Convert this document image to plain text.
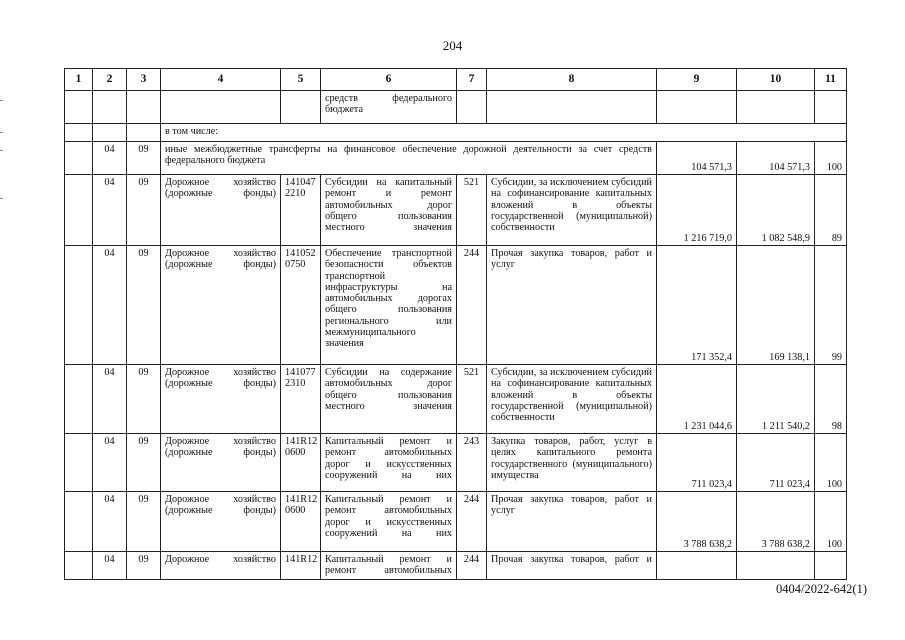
204
1	2	3	4	5	6	7	8	9	10	11
					средств федерального бюджета					
			в том числе:							
	04	09	иные межбюджетные трансферты на финансовое обеспечение дорожной деятельности за счет средств федерального бюджета					104 571,3	104 571,3	100
	04	09	Дорожное хозяйство (дорожные фонды)	141047 2210	Субсидии на капитальный ремонт и ремонт автомобильных дорог общего пользования местного значения	521	Субсидии, за исключением субсидий на софинансирование капитальных вложений в объекты государственной (муниципальной) собственности	1 216 719,0	1 082 548,9	89
	04	09	Дорожное хозяйство (дорожные фонды)	141052 0750	Обеспечение транспортной безопасности объектов транспортной инфраструктуры на автомобильных дорогах общего пользования регионального или межмуниципального значения	244	Прочая закупка товаров, работ и услуг	171 352,4	169 138,1	99
	04	09	Дорожное хозяйство (дорожные фонды)	141077 2310	Субсидии на содержание автомобильных дорог общего пользования местного значения	521	Субсидии, за исключением субсидий на софинансирование капитальных вложений в объекты государственной (муниципальной) собственности	1 231 044,6	1 211 540,2	98
	04	09	Дорожное хозяйство (дорожные фонды)	141R12 0600	Капитальный ремонт и ремонт автомобильных дорог и искусственных сооружений на них	243	Закупка товаров, работ, услуг в целях капитального ремонта государственного (муниципального) имущества	711 023,4	711 023,4	100
	04	09	Дорожное хозяйство (дорожные фонды)	141R12 0600	Капитальный ремонт и ремонт автомобильных дорог и искусственных сооружений на них	244	Прочая закупка товаров, работ и услуг	3 788 638,2	3 788 638,2	100
	04	09	Дорожное хозяйство	141R12	Капитальный ремонт и ремонт автомобильных	244	Прочая закупка товаров, работ и			
0404/2022-642(1)
